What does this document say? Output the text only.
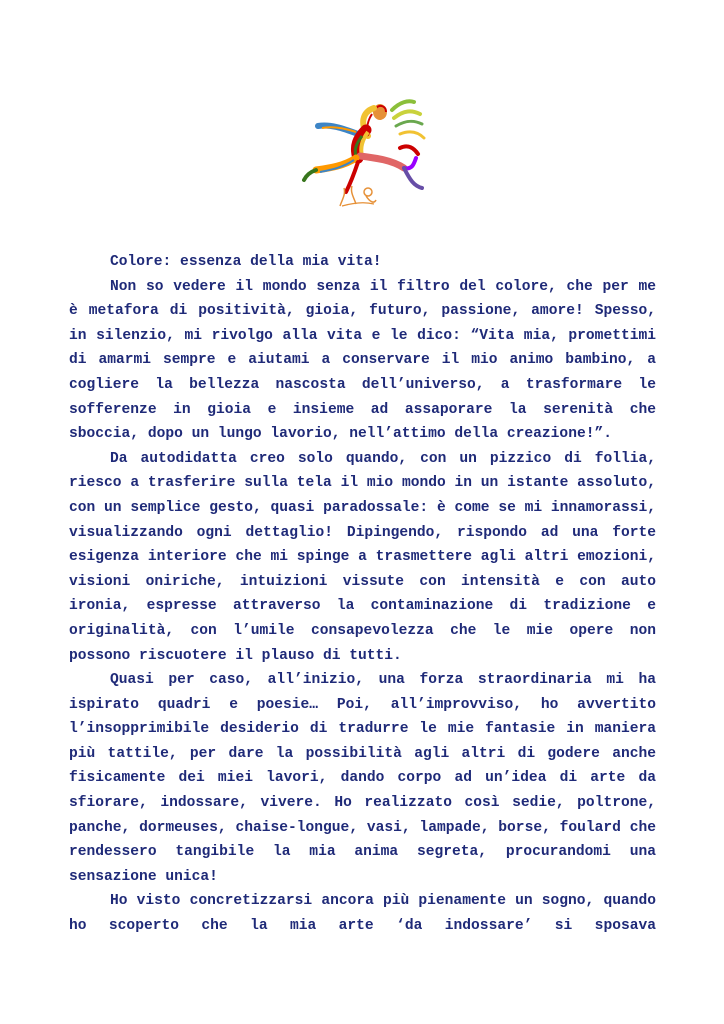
Colore: essenza della mia vita!

Non so vedere il mondo senza il filtro del colore, che per me è metafora di positività, gioia, futuro, passione, amore! Spesso, in silenzio, mi rivolgo alla vita e le dico: “Vita mia, promettimi di amarmi sempre e aiutami a conservare il mio animo bambino, a cogliere la bellezza nascosta dell’universo, a trasformare le sofferenze in gioia e insieme ad assaporare la serenità che sboccia, dopo un lungo lavorio, nell’attimo della creazione!”.

Da autodidatta creo solo quando, con un pizzico di follia, riesco a trasferire sulla tela il mio mondo in un istante assoluto, con un semplice gesto, quasi paradossale: è come se mi innamorassi, visualizzando ogni dettaglio! Dipingendo, rispondo ad una forte esigenza interiore che mi spinge a trasmettere agli altri emozioni, visioni oniriche, intuizioni vissute con intensità e con auto ironia, espresse attraverso la contaminazione di tradizione e originalità, con l’umile consapevolezza che le mie opere non possono riscuotere il plauso di tutti.

Quasi per caso, all’inizio, una forza straordinaria mi ha ispirato quadri e poesie… Poi, all’improvviso, ho avvertito l’insopprimibile desiderio di tradurre le mie fantasie in maniera più tattile, per dare la possibilità agli altri di godere anche fisicamente dei miei lavori, dando corpo ad un’idea di arte da sfiorare, indossare, vivere. Ho realizzato così sedie, poltrone, panche, dormeuses, chaise-longue, vasi, lampade, borse, foulard che rendessero tangibile la mia anima segreta, procurandomi una sensazione unica!

Ho visto concretizzarsi ancora più pienamente un sogno, quando ho scoperto che la mia arte ‘da indossare’ si sposava
